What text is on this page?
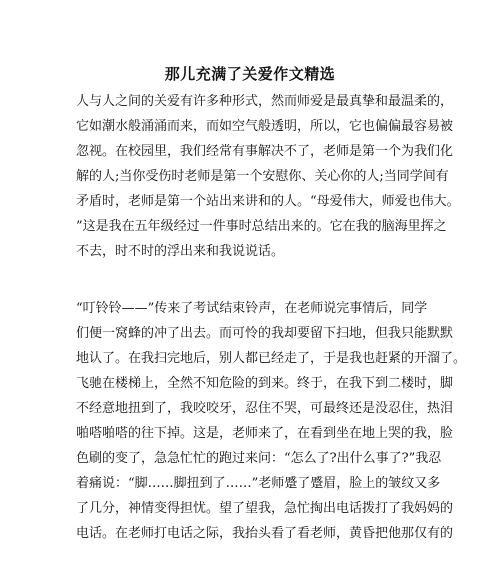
那儿充满了关爱作文精选
人与人之间的关爱有许多种形式，然而师爱是最真挚和最温柔的，
它如潮水般涌涌而来，而如空气般透明，所以，它也偏偏最容易被
忽视。在校园里，我们经常有事解决不了，老师是第一个为我们化
解的人;当你受伤时老师是第一个安慰你、关心你的人;当同学间有
矛盾时，老师是第一个站出来讲和的人。“母爱伟大，师爱也伟大。
”这是我在五年级经过一件事时总结出来的。它在我的脑海里挥之
不去，时不时的浮出来和我说说话。
“叮铃铃——”传来了考试结束铃声，在老师说完事情后，同学
们便一窝蜂的冲了出去。而可怜的我却要留下扫地，但我只能默默
地认了。在我扫完地后，别人都已经走了，于是我也赶紧的开溜了。
飞驰在楼梯上，全然不知危险的到来。终于，在我下到二楼时，脚
不经意地扭到了，我咬咬牙，忍住不哭，可最终还是没忍住，热泪
啪嗒啪嗒的往下掉。这是，老师来了，在看到坐在地上哭的我，脸
色刷的变了，急急忙忙的跑过来问：“怎么了?出什么事了?”我忍
着痛说：“脚……脚扭到了……”老师蹙了蹙眉，脸上的皱纹又多
了几分，神情变得担忧。望了望我，急忙掏出电话拨打了我妈妈的
电话。在老师打电话之际，我抬头看了看老师，黄昏把他那仅有的
